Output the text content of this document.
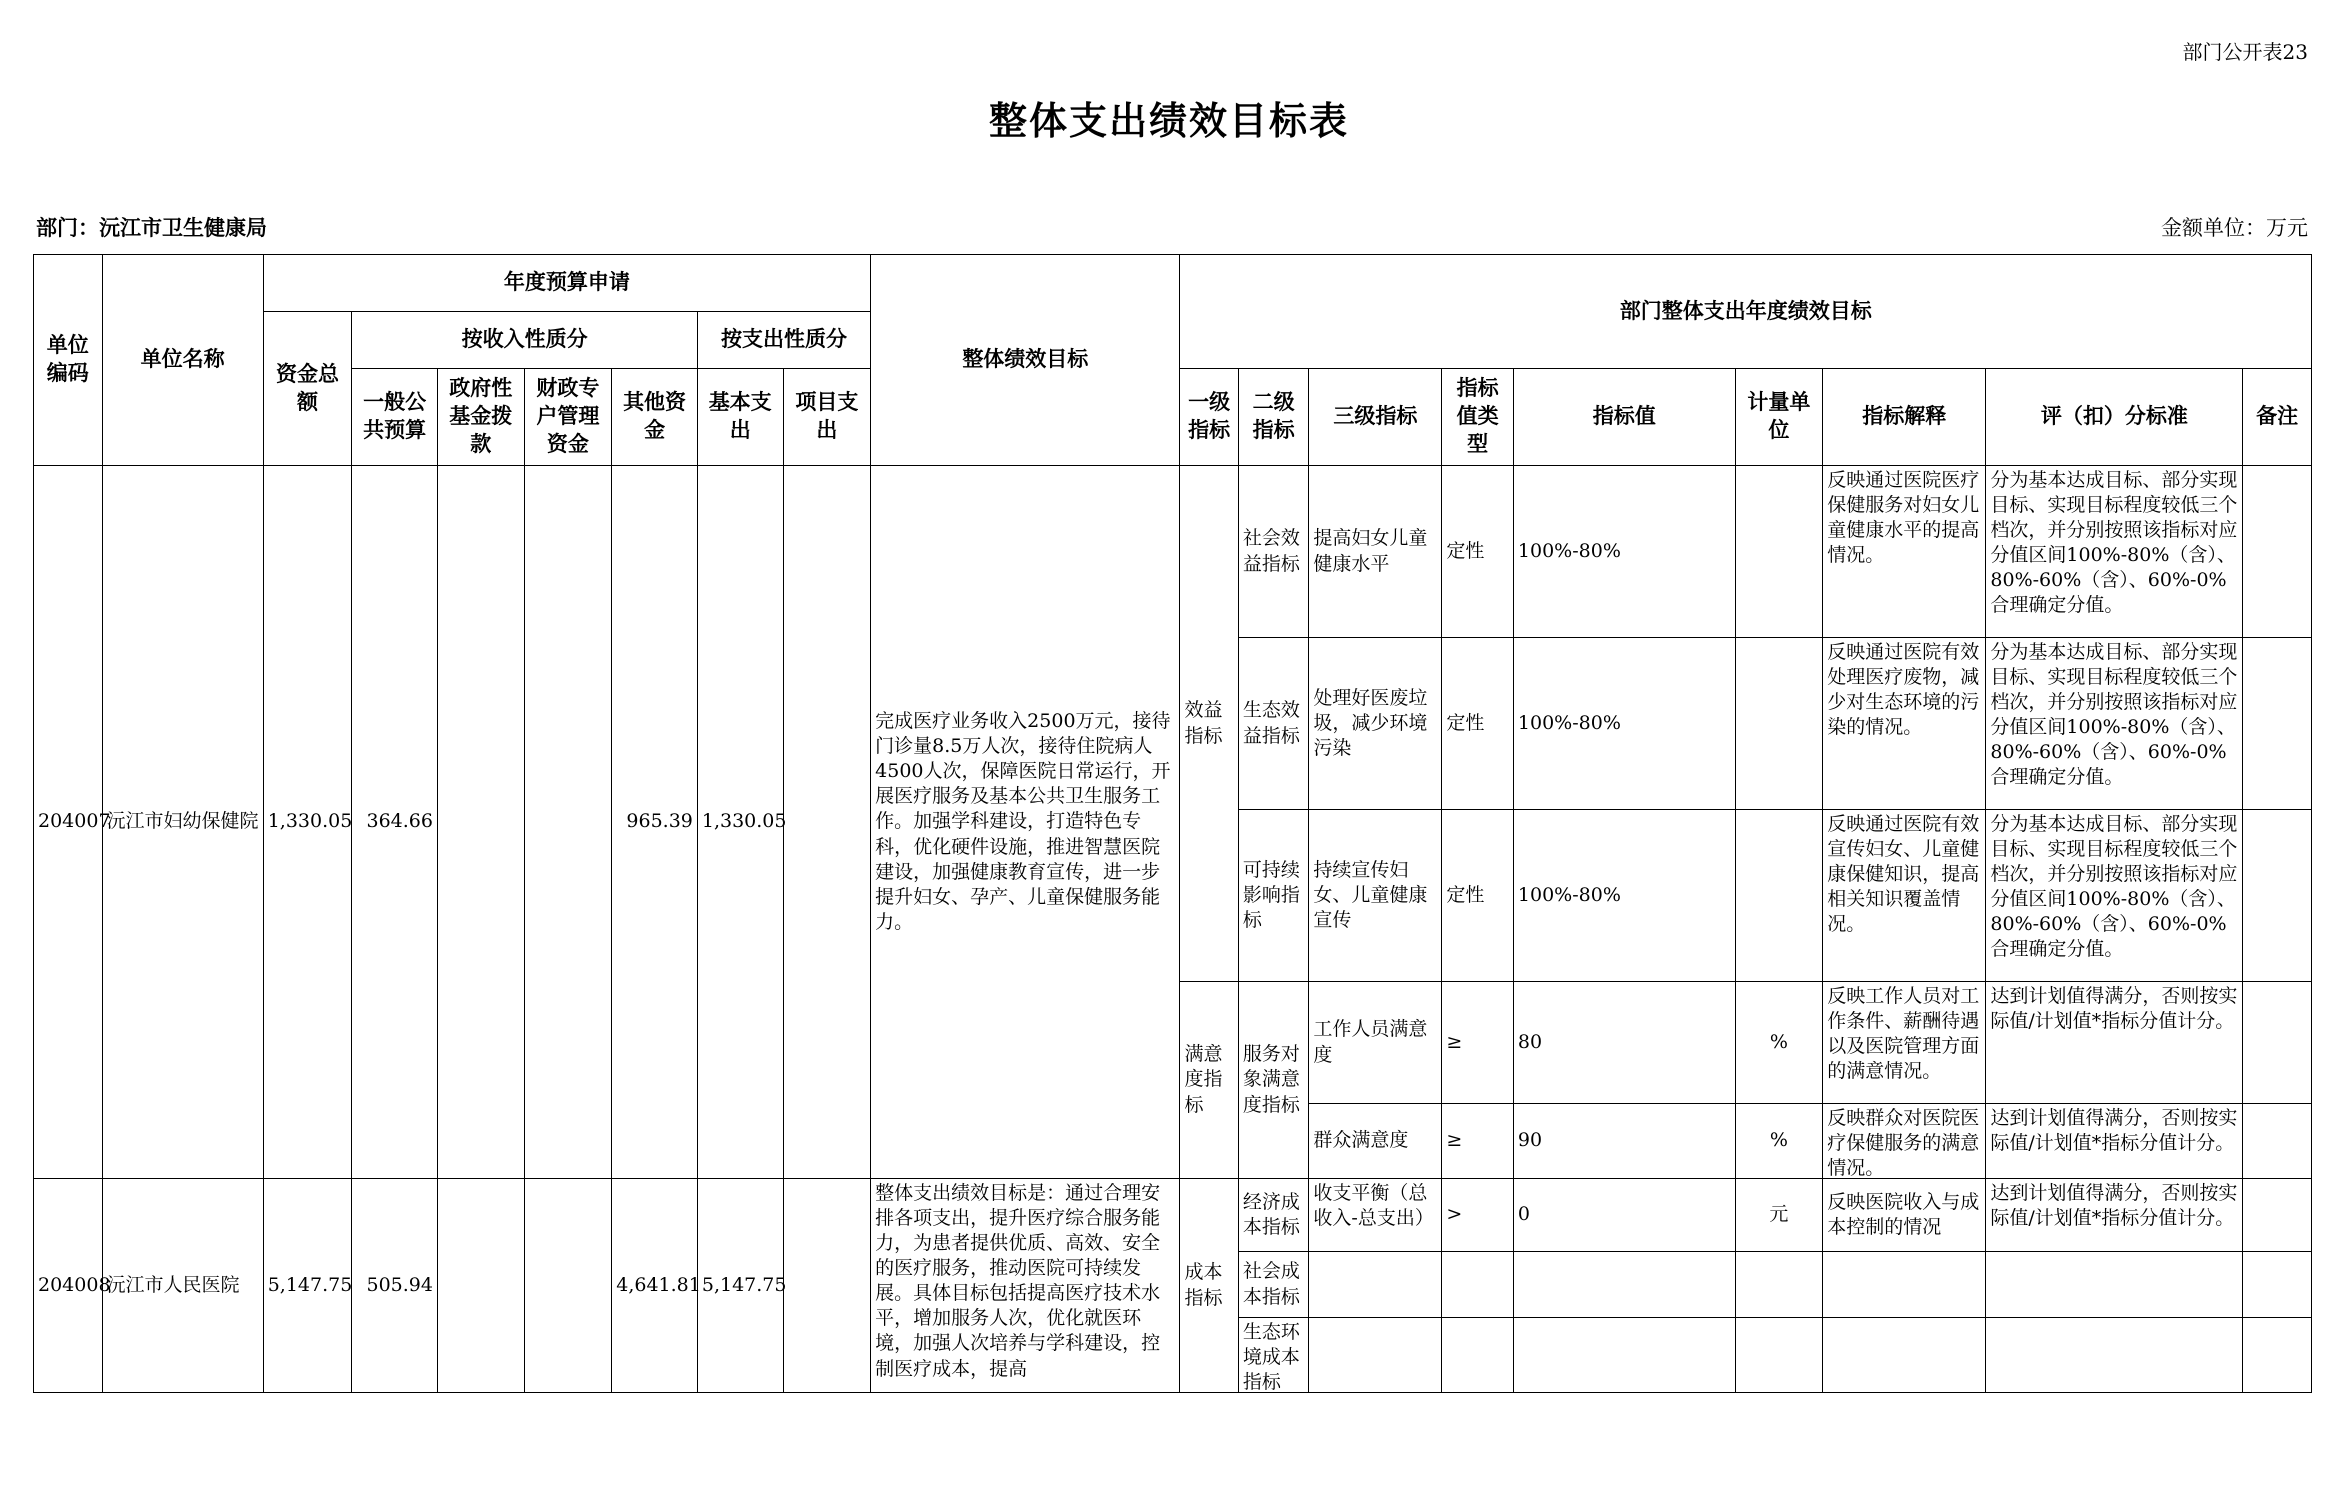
部门公开表23
整体支出绩效目标表
部门：沅江市卫生健康局	金额单位：万元
单位编码	单位名称	年度预算申请							整体绩效目标	部门整体支出年度绩效目标								
		资金总额	按收入性质分				按支出性质分											
			一般公共预算	政府性基金拨款	财政专户管理资金	其他资金	基本支出	项目支出		一级指标	二级指标	三级指标	指标值类型	指标值	计量单位	指标解释	评（扣）分标准	备注
204007	沅江市妇幼保健院	1,330.05	364.66			965.39	1,330.05		完成医疗业务收入2500万元，接待门诊量8.5万人次，接待住院病人4500人次，保障医院日常运行，开展医疗服务及基本公共卫生服务工作。加强学科建设，打造特色专科，优化硬件设施，推进智慧医院建设，加强健康教育宣传，进一步提升妇女、孕产、儿童保健服务能力。	效益指标	社会效益指标	提高妇女儿童健康水平	定性	100%-80%		反映通过医院医疗保健服务对妇女儿童健康水平的提高情况。	分为基本达成目标、部分实现目标、实现目标程度较低三个档次，并分别按照该指标对应分值区间100%-80%（含）、80%-60%（含）、60%-0%合理确定分值。	

											生态效益指标	处理好医废垃圾，减少环境污染	定性	100%-80%		反映通过医院有效处理医疗废物，减少对生态环境的污染的情况。	分为基本达成目标、部分实现目标、实现目标程度较低三个档次，并分别按照该指标对应分值区间100%-80%（含）、80%-60%（含）、60%-0%合理确定分值。	

											可持续影响指标	持续宣传妇女、儿童健康宣传	定性	100%-80%		反映通过医院有效宣传妇女、儿童健康保健知识，提高相关知识覆盖情况。	分为基本达成目标、部分实现目标、实现目标程度较低三个档次，并分别按照该指标对应分值区间100%-80%（含）、80%-60%（含）、60%-0%合理确定分值。	

										满意度指标	服务对象满意度指标	工作人员满意度	≥	80	%	反映工作人员对工作条件、薪酬待遇以及医院管理方面的满意情况。	达到计划值得满分，否则按实际值/计划值*指标分值计分。	

												群众满意度	≥	90	%	反映群众对医院医疗保健服务的满意情况。	达到计划值得满分，否则按实际值/计划值*指标分值计分。	

204008	沅江市人民医院	5,147.75	505.94			4,641.81	5,147.75		整体支出绩效目标是：通过合理安排各项支出，提升医疗综合服务能力，为患者提供优质、高效、安全的医疗服务，推动医院可持续发展。具体目标包括提高医疗技术水平，增加服务人次，优化就医环境，加强人次培养与学科建设，控制医疗成本，提高	成本指标	经济成本指标	收支平衡（总收入-总支出）	>	0	元	反映医院收入与成本控制的情况	达到计划值得满分，否则按实际值/计划值*指标分值计分。	

											社会成本指标							

											生态环境成本指标							
